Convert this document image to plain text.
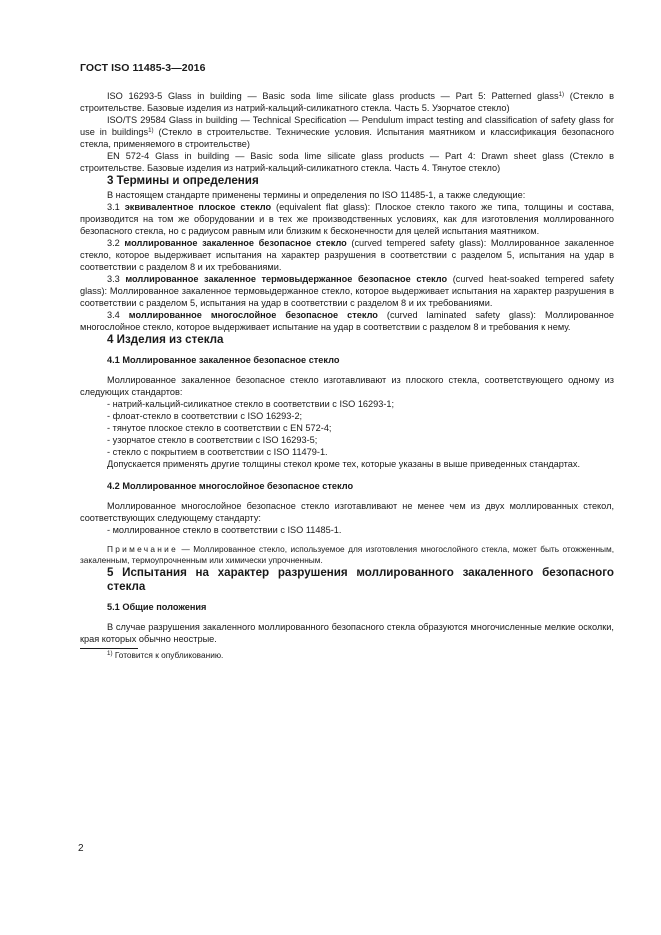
ГОСТ ISO 11485-3—2016

ISO 16293-5 Glass in building — Basic soda lime silicate glass products — Part 5: Patterned glass$^{1)}$ (Стекло в строительстве. Базовые изделия из натрий-кальций-силикатного стекла. Часть 5. Узорчатое стекло)

ISO/TS 29584 Glass in building — Technical Specification — Pendulum impact testing and classification of safety glass for use in buildings$^{1)}$ (Стекло в строительстве. Технические условия. Испытания маятником и классификация безопасного стекла, применяемого в строительстве)

EN 572-4 Glass in building — Basic soda lime silicate glass products — Part 4: Drawn sheet glass (Стекло в строительстве. Базовые изделия из натрий-кальций-силикатного стекла. Часть 4. Тянутое стекло)

3 Термины и определения

В настоящем стандарте применены термины и определения по ISO 11485-1, а также следующие:

3.1 эквивалентное плоское стекло (equivalent flat glass): Плоское стекло такого же типа, толщины и состава, производится на том же оборудовании и в тех же производственных условиях, как для изготовления моллированного безопасного стекла, но с радиусом равным или близким к бесконечности для целей испытания маятником.

3.2 моллированное закаленное безопасное стекло (curved tempered safety glass): Моллированное закаленное стекло, которое выдерживает испытания на характер разрушения в соответствии с разделом 5, испытания на удар в соответствии с разделом 8 и их требованиями.

3.3 моллированное закаленное термовыдержанное безопасное стекло (curved heat-soaked tempered safety glass): Моллированное закаленное термовыдержанное стекло, которое выдерживает испытания на характер разрушения в соответствии с разделом 5, испытания на удар в соответствии с разделом 8 и их требованиями.

3.4 моллированное многослойное безопасное стекло (curved laminated safety glass): Моллированное многослойное стекло, которое выдерживает испытание на удар в соответствии с разделом 8 и требования к нему.

4 Изделия из стекла

4.1 Моллированное закаленное безопасное стекло

Моллированное закаленное безопасное стекло изготавливают из плоского стекла, соответствующего одному из следующих стандартов:

- натрий-кальций-силикатное стекло в соответствии с ISO 16293-1;

- флоат-стекло в соответствии с ISO 16293-2;

- тянутое плоское стекло в соответствии с EN 572-4;

- узорчатое стекло в соответствии с ISO 16293-5;

- стекло с покрытием в соответствии с ISO 11479-1.

Допускается применять другие толщины стекол кроме тех, которые указаны в выше приведенных стандартах.

4.2 Моллированное многослойное безопасное стекло

Моллированное многослойное безопасное стекло изготавливают не менее чем из двух моллированных стекол, соответствующих следующему стандарту:

- моллированное стекло в соответствии с ISO 11485-1.

Примечание — Моллированное стекло, используемое для изготовления многослойного стекла, может быть отожженным, закаленным, термоупрочненным или химически упрочненным.

5 Испытания на характер разрушения моллированного закаленного безопасного стекла

5.1 Общие положения

В случае разрушения закаленного моллированного безопасного стекла образуются многочисленные мелкие осколки, края которых обычно неострые.

$^{1)}$ Готовится к опубликованию.

2
